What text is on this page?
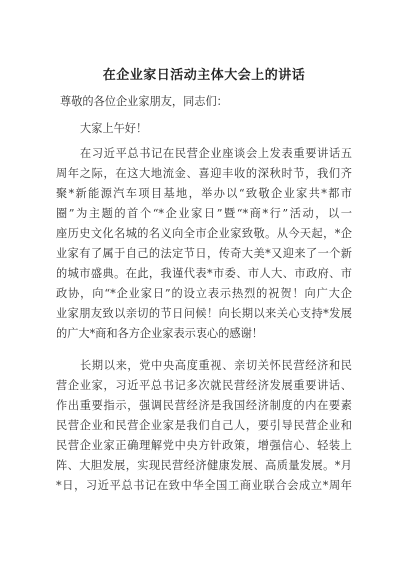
在企业家日活动主体大会上的讲话
尊敬的各位企业家朋友，同志们：
大家上午好！
在习近平总书记在民营企业座谈会上发表重要讲话五
周年之际，在这大地流金、喜迎丰收的深秋时节，我们齐
聚*新能源汽车项目基地，举办以“致敬企业家共*都市
圈”为主题的首个“*企业家日”暨“*商*行”活动，以一
座历史文化名城的名义向全市企业家致敬。从今天起，*企
业家有了属于自己的法定节日，传奇大美*又迎来了一个新
的城市盛典。在此，我谨代表*市委、市人大、市政府、市
政协，向“*企业家日”的设立表示热烈的祝贺！向广大企
业家朋友致以亲切的节日问候！向长期以来关心支持*发展
的广大*商和各方企业家表示衷心的感谢！
长期以来，党中央高度重视、亲切关怀民营经济和民
营企业家，习近平总书记多次就民营经济发展重要讲话、
作出重要指示，强调民营经济是我国经济制度的内在要素
民营企业和民营企业家是我们自己人，要引导民营企业和
民营企业家正确理解党中央方针政策，增强信心、轻装上
阵、大胆发展，实现民营经济健康发展、高质量发展。*月
*日，习近平总书记在致中华全国工商业联合会成立*周年
